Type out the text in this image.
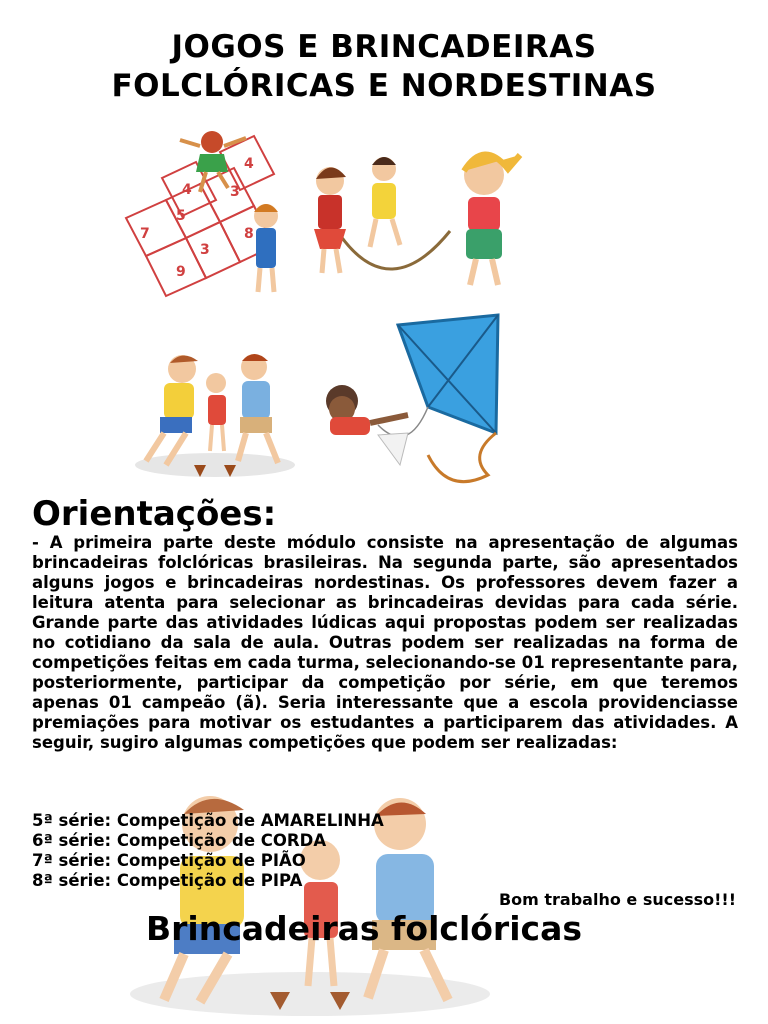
JOGOS E BRINCADEIRAS
FOLCLÓRICAS E NORDESTINAS
7
9
5
3
4	3
8
4
Orientações:
- A primeira parte deste módulo consiste na apresentação de algumas brincadeiras folclóricas brasileiras. Na segunda parte, são apresentados alguns jogos e brincadeiras nordestinas. Os professores devem fazer a leitura atenta para selecionar as brincadeiras devidas para cada série. Grande parte das atividades lúdicas aqui propostas podem ser realizadas no cotidiano da sala de aula. Outras podem ser realizadas na forma de competições feitas em cada turma, selecionando-se 01 representante para, posteriormente, participar da competição por série, em que teremos apenas 01 campeão (ã). Seria interessante que a escola providenciasse premiações para motivar os estudantes a participarem das atividades. A seguir, sugiro algumas competições que podem ser realizadas:
5ª série: Competição de AMARELINHA
6ª série: Competição de CORDA
7ª série: Competição de PIÃO
8ª série: Competição de PIPA
Bom trabalho e sucesso!!!
Brincadeiras folclóricas
